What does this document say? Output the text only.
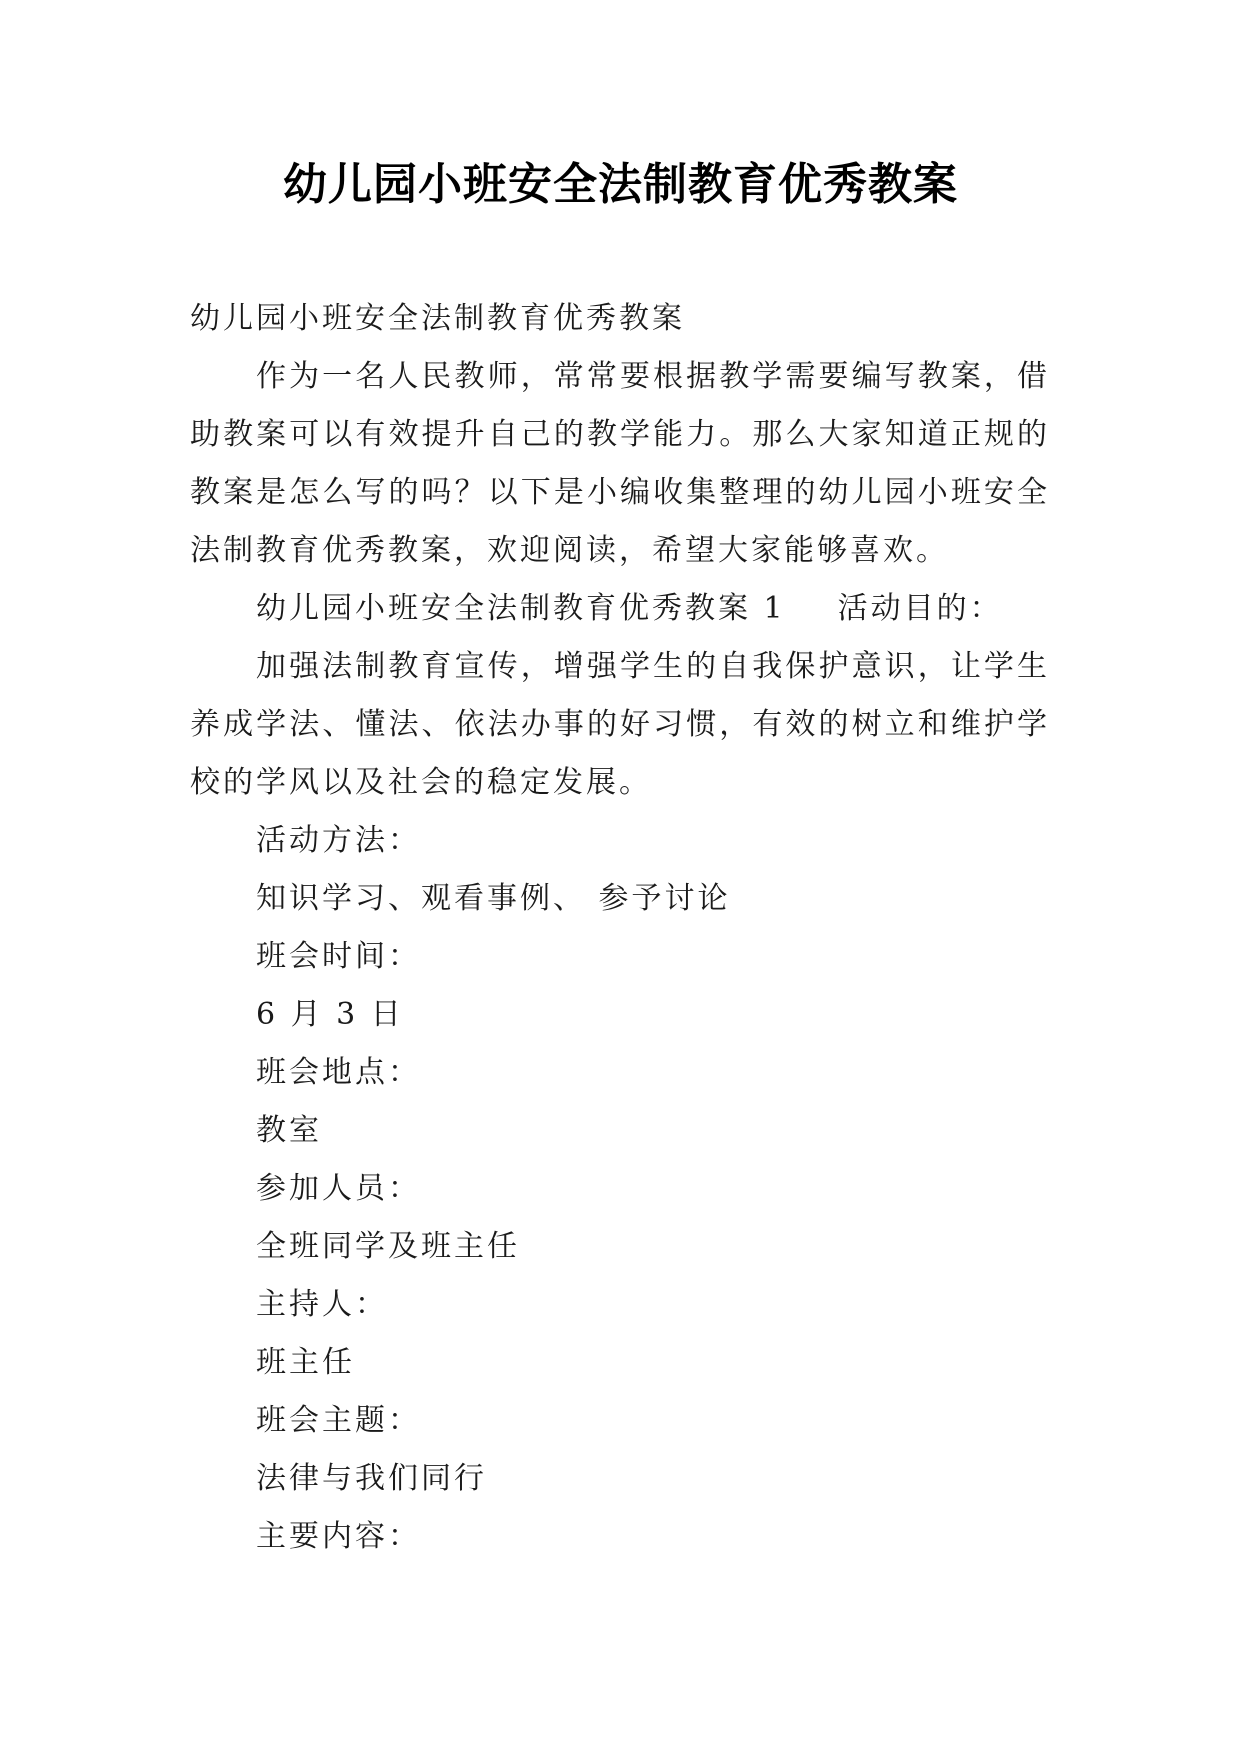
幼儿园小班安全法制教育优秀教案

幼儿园小班安全法制教育优秀教案

作为一名人民教师，常常要根据教学需要编写教案，借助教案可以有效提升自己的教学能力。那么大家知道正规的教案是怎么写的吗？以下是小编收集整理的幼儿园小班安全法制教育优秀教案，欢迎阅读，希望大家能够喜欢。

幼儿园小班安全法制教育优秀教案 1 活动目的：

加强法制教育宣传，增强学生的自我保护意识，让学生养成学法、懂法、依法办事的好习惯，有效的树立和维护学校的学风以及社会的稳定发展。

活动方法：

知识学习、观看事例、 参予讨论

班会时间：

6 月 3 日

班会地点：

教室

参加人员：

全班同学及班主任

主持人：

班主任

班会主题：

法律与我们同行

主要内容：
